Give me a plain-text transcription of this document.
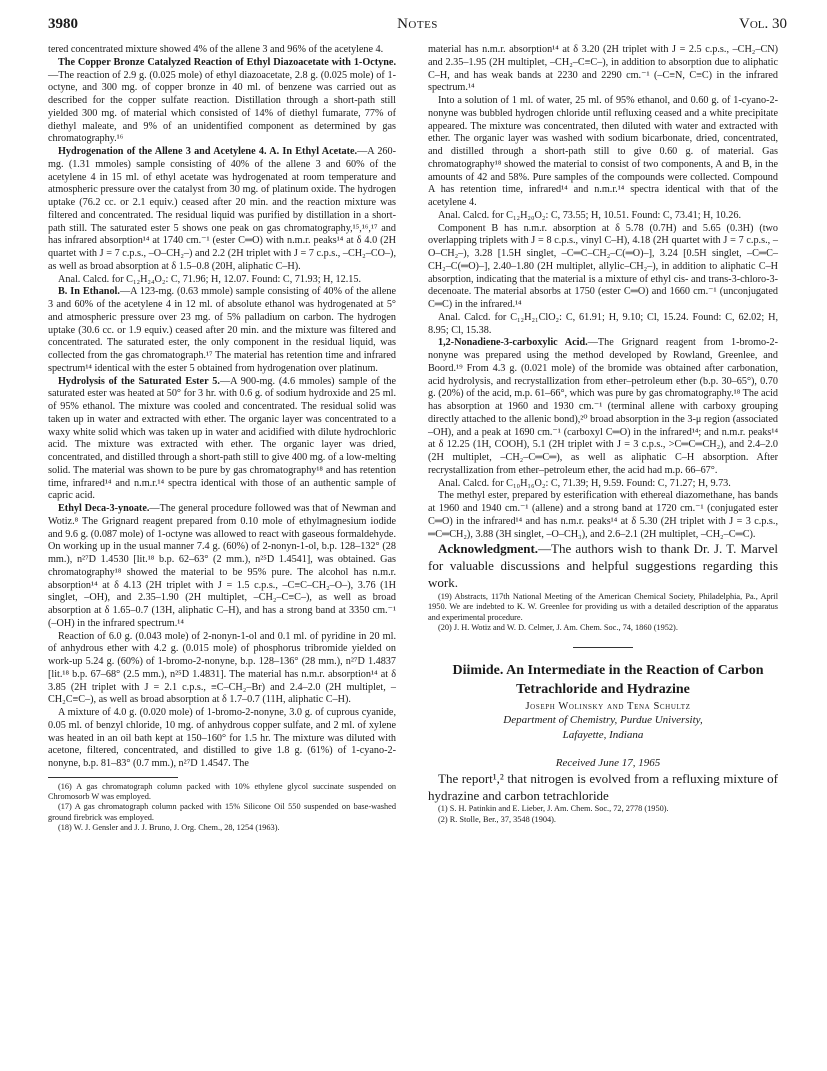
3980	Notes	Vol. 30

tered concentrated mixture showed 4% of the allene 3 and 96% of the acetylene 4.

The Copper Bronze Catalyzed Reaction of Ethyl Diazoacetate with 1-Octyne.—The reaction of 2.9 g. (0.025 mole) of ethyl diazoacetate, 2.8 g. (0.025 mole) of 1-octyne, and 300 mg. of copper bronze in 40 ml. of benzene was carried out as described for the copper sulfate reaction. Distillation through a short-path still yielded 300 mg. of material which consisted of 14% of diethyl fumarate, 77% of diethyl maleate, and 9% of an unidentified component as determined by gas chromatography.¹⁶

Hydrogenation of the Allene 3 and Acetylene 4. A. In Ethyl Acetate.—A 260-mg. (1.31 mmoles) sample consisting of 40% of the allene 3 and 60% of the acetylene 4 in 15 ml. of ethyl acetate was hydrogenated at room temperature and atmospheric pressure over the catalyst from 30 mg. of platinum oxide. The hydrogen uptake (76.2 cc. or 2.1 equiv.) ceased after 20 min. and the reaction mixture was filtered and concentrated. The residual liquid was purified by distillation in a short-path still. The saturated ester 5 shows one peak on gas chromatography,¹⁵,¹⁶,¹⁷ and has infrared absorption¹⁴ at 1740 cm.⁻¹ (ester C═O) with n.m.r. peaks¹⁴ at δ 4.0 (2H quartet with J = 7 c.p.s., –O–CH₂–) and 2.2 (2H triplet with J = 7 c.p.s., –CH₂–CO–), as well as broad absorption at δ 1.5–0.8 (20H, aliphatic C–H).

Anal. Calcd. for C₁₂H₂₄O₂: C, 71.96; H, 12.07. Found: C, 71.93; H, 12.15.

B. In Ethanol.—A 123-mg. (0.63 mmole) sample consisting of 40% of the allene 3 and 60% of the acetylene 4 in 12 ml. of absolute ethanol was hydrogenated at 5° and atmospheric pressure over 23 mg. of 5% palladium on carbon. The hydrogen uptake (30.6 cc. or 1.9 equiv.) ceased after 20 min. and the mixture was filtered and concentrated. The saturated ester, the only component in the residual liquid, was collected from the gas chromatograph.¹⁷ The material has retention time and infrared spectrum¹⁴ identical with the ester 5 obtained from hydrogenation over platinum.

Hydrolysis of the Saturated Ester 5.—A 900-mg. (4.6 mmoles) sample of the saturated ester was heated at 50° for 3 hr. with 0.6 g. of sodium hydroxide and 25 ml. of 95% ethanol. The mixture was cooled and concentrated. The residual solid was taken up in water and extracted with ether. The organic layer was concentrated to a waxy white solid which was taken up in water and acidified with dilute hydrochloric acid. The mixture was extracted with ether. The organic layer was dried, concentrated, and distilled through a short-path still to give 400 mg. of a low-melting solid. The material was shown to be pure by gas chromatography¹⁸ and has retention time, infrared¹⁴ and n.m.r.¹⁴ spectra identical with those of an authentic sample of capric acid.

Ethyl Deca-3-ynoate.—The general procedure followed was that of Newman and Wotiz.⁸ The Grignard reagent prepared from 0.10 mole of ethylmagnesium iodide and 9.6 g. (0.087 mole) of 1-octyne was allowed to react with gaseous formaldehyde. On working up in the usual manner 7.4 g. (60%) of 2-nonyn-1-ol, b.p. 128–132° (28 mm.), n²⁷D 1.4530 [lit.¹⁸ b.p. 62–63° (2 mm.), n²⁵D 1.4541], was obtained. Gas chromatography¹⁸ showed the material to be 95% pure. The alcohol has n.m.r. absorption¹⁴ at δ 4.13 (2H triplet with J = 1.5 c.p.s., –C≡C–CH₂–O–), 3.76 (1H singlet, –OH), and 2.35–1.90 (2H multiplet, –CH₂–C≡C–), as well as broad absorption at δ 1.65–0.7 (13H, aliphatic C–H), and has a strong band at 3350 cm.⁻¹ (–OH) in the infrared spectrum.¹⁴

Reaction of 6.0 g. (0.043 mole) of 2-nonyn-1-ol and 0.1 ml. of pyridine in 20 ml. of anhydrous ether with 4.2 g. (0.015 mole) of phosphorus tribromide yielded on work-up 5.24 g. (60%) of 1-bromo-2-nonyne, b.p. 128–136° (28 mm.), n²⁷D 1.4837 [lit.¹⁸ b.p. 67–68° (2.5 mm.), n²⁵D 1.4831]. The material has n.m.r. absorption¹⁴ at δ 3.85 (2H triplet with J = 2.1 c.p.s., ≡C–CH₂–Br) and 2.4–2.0 (2H multiplet, –CH₂C≡C–), as well as broad absorption at δ 1.7–0.7 (11H, aliphatic C–H).

A mixture of 4.0 g. (0.020 mole) of 1-bromo-2-nonyne, 3.0 g. of cuprous cyanide, 0.05 ml. of benzyl chloride, 10 mg. of anhydrous copper sulfate, and 2 ml. of xylene was heated in an oil bath kept at 150–160° for 1.5 hr. The mixture was diluted with acetone, filtered, concentrated, and distilled to give 1.8 g. (61%) of 1-cyano-2-nonyne, b.p. 81–83° (0.7 mm.), n²⁷D 1.4547. The

(16) A gas chromatograph column packed with 10% ethylene glycol succinate suspended on Chromosorb W was employed.

(17) A gas chromatograph column packed with 15% Silicone Oil 550 suspended on base-washed ground firebrick was employed.

(18) W. J. Gensler and J. J. Bruno, J. Org. Chem., 28, 1254 (1963).

material has n.m.r. absorption¹⁴ at δ 3.20 (2H triplet with J = 2.5 c.p.s., –CH₂–CN) and 2.35–1.95 (2H multiplet, –CH₂–C≡C–), in addition to absorption due to aliphatic C–H, and has weak bands at 2230 and 2290 cm.⁻¹ (–C≡N, C≡C) in the infrared spectrum.¹⁴

Into a solution of 1 ml. of water, 25 ml. of 95% ethanol, and 0.60 g. of 1-cyano-2-nonyne was bubbled hydrogen chloride until refluxing ceased and a white precipitate appeared. The mixture was concentrated, then diluted with water and extracted with ether. The organic layer was washed with sodium bicarbonate, dried, concentrated, and distilled through a short-path still to give 0.60 g. of material. Gas chromatography¹⁸ showed the material to consist of two components, A and B, in the amounts of 42 and 58%. Pure samples of the compounds were collected. Compound A has retention time, infrared¹⁴ and n.m.r.¹⁴ spectra identical with that of the acetylene 4.

Anal. Calcd. for C₁₂H₂₀O₂: C, 73.55; H, 10.51. Found: C, 73.41; H, 10.26.

Component B has n.m.r. absorption at δ 5.78 (0.7H) and 5.65 (0.3H) (two overlapping triplets with J = 8 c.p.s., vinyl C–H), 4.18 (2H quartet with J = 7 c.p.s., –O–CH₂–), 3.28 [1.5H singlet, –C═C–CH₂–C(═O)–], 3.24 [0.5H singlet, –C═C–CH₂–C(═O)–], 2.40–1.80 (2H multiplet, allylic–CH₂–), in addition to aliphatic C–H absorption, indicating that the material is a mixture of ethyl cis- and trans-3-chloro-3-decenoate. The material absorbs at 1750 (ester C═O) and 1660 cm.⁻¹ (unconjugated C═C) in the infrared.¹⁴

Anal. Calcd. for C₁₂H₂₁ClO₂: C, 61.91; H, 9.10; Cl, 15.24. Found: C, 62.02; H, 8.95; Cl, 15.38.

1,2-Nonadiene-3-carboxylic Acid.—The Grignard reagent from 1-bromo-2-nonyne was prepared using the method developed by Rowland, Greenlee, and Boord.¹⁹ From 4.3 g. (0.021 mole) of the bromide was obtained after carbonation, acid hydrolysis, and recrystallization from ether–petroleum ether (b.p. 30–65°), 0.70 g. (20%) of the acid, m.p. 61–66°, which was pure by gas chromatography.¹⁸ The acid has absorption at 1960 and 1930 cm.⁻¹ (terminal allene with carboxy grouping directly attached to the allenic bond),²⁰ broad absorption in the 3-μ region (associated –OH), and a peak at 1690 cm.⁻¹ (carboxyl C═O) in the infrared¹⁴; and n.m.r. peaks¹⁴ at δ 12.25 (1H, COOH), 5.1 (2H triplet with J = 3 c.p.s., >C═C═CH₂), and 2.4–2.0 (2H multiplet, –CH₂–C═C═), as well as aliphatic C–H absorption. After recrystallization from ether–petroleum ether, the acid had m.p. 66–67°.

Anal. Calcd. for C₁₀H₁₆O₂: C, 71.39; H, 9.59. Found: C, 71.27; H, 9.73.

The methyl ester, prepared by esterification with ethereal diazomethane, has bands at 1960 and 1940 cm.⁻¹ (allene) and a strong band at 1720 cm.⁻¹ (conjugated ester C═O) in the infrared¹⁴ and has n.m.r. peaks¹⁴ at δ 5.30 (2H triplet with J = 3 c.p.s., ═C═CH₂), 3.88 (3H singlet, –O–CH₃), and 2.6–2.1 (2H multiplet, –CH₂–C═C).

Acknowledgment.—The authors wish to thank Dr. J. T. Marvel for valuable discussions and helpful suggestions regarding this work.

(19) Abstracts, 117th National Meeting of the American Chemical Society, Philadelphia, Pa., April 1950. We are indebted to K. W. Greenlee for providing us with a detailed description of the apparatus and experimental procedure.

(20) J. H. Wotiz and W. D. Celmer, J. Am. Chem. Soc., 74, 1860 (1952).

Diimide. An Intermediate in the Reaction of Carbon Tetrachloride and Hydrazine

Joseph Wolinsky and Tena Schultz

Department of Chemistry, Purdue University,
Lafayette, Indiana

Received June 17, 1965

The report¹,² that nitrogen is evolved from a refluxing mixture of hydrazine and carbon tetrachloride

(1) S. H. Patinkin and E. Lieber, J. Am. Chem. Soc., 72, 2778 (1950).

(2) R. Stolle, Ber., 37, 3548 (1904).
